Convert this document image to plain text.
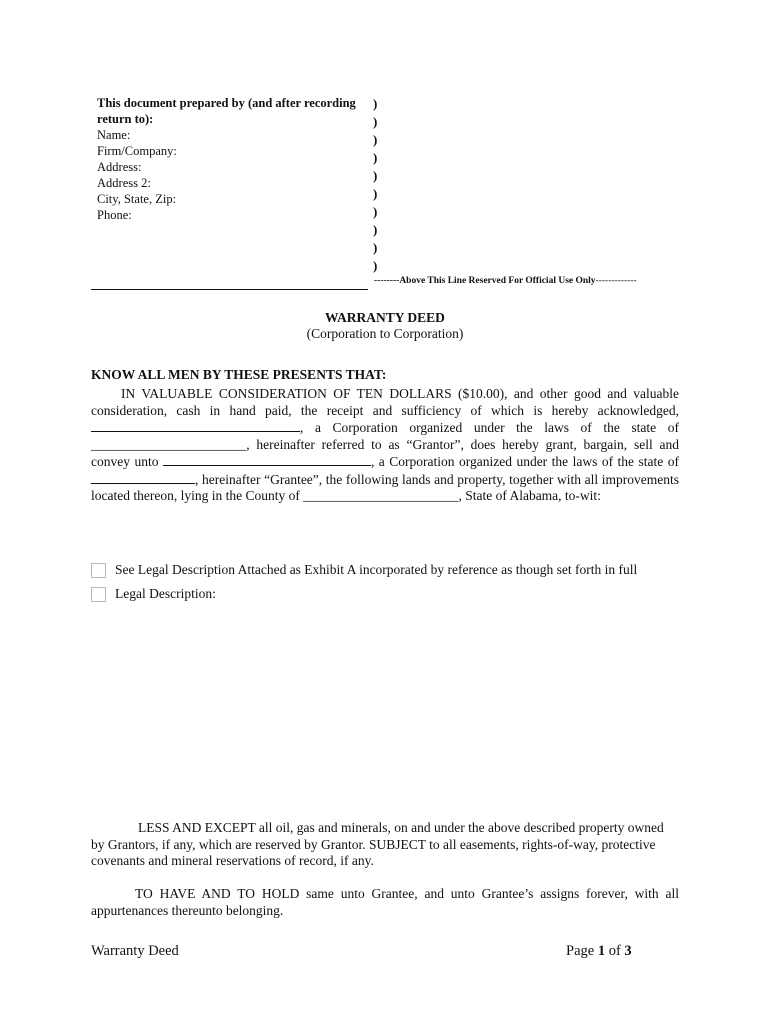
This document prepared by (and after recording
return to):
Name:
Firm/Company:
Address:
Address 2:
City, State, Zip:
Phone:
)
)
)
)
)
)
)
)
)
)
--------Above This Line Reserved For Official Use Only-------------
WARRANTY DEED
(Corporation to Corporation)
KNOW ALL MEN BY THESE PRESENTS THAT:
IN VALUABLE CONSIDERATION OF TEN DOLLARS ($10.00), and other good and valuable consideration, cash in hand paid, the receipt and sufficiency of which is hereby acknowledged, , a Corporation organized under the laws of the state of _______________________, hereinafter referred to as “Grantor”, does hereby grant, bargain, sell and convey unto	, a Corporation organized under the laws of the state of , hereinafter “Grantee”, the following lands and property, together with all improvements located thereon, lying in the County of _______________________, State of Alabama, to-wit:
See Legal Description Attached as Exhibit A incorporated by reference as though set forth in full
Legal Description:
LESS AND EXCEPT all oil, gas and minerals, on and under the above described property owned by Grantors, if any, which are reserved by Grantor. SUBJECT to all easements, rights-of-way, protective covenants and mineral reservations of record, if any.
TO HAVE AND TO HOLD same unto Grantee, and unto Grantee’s assigns forever, with all appurtenances thereunto belonging.
Warranty Deed	Page 1 of 3
